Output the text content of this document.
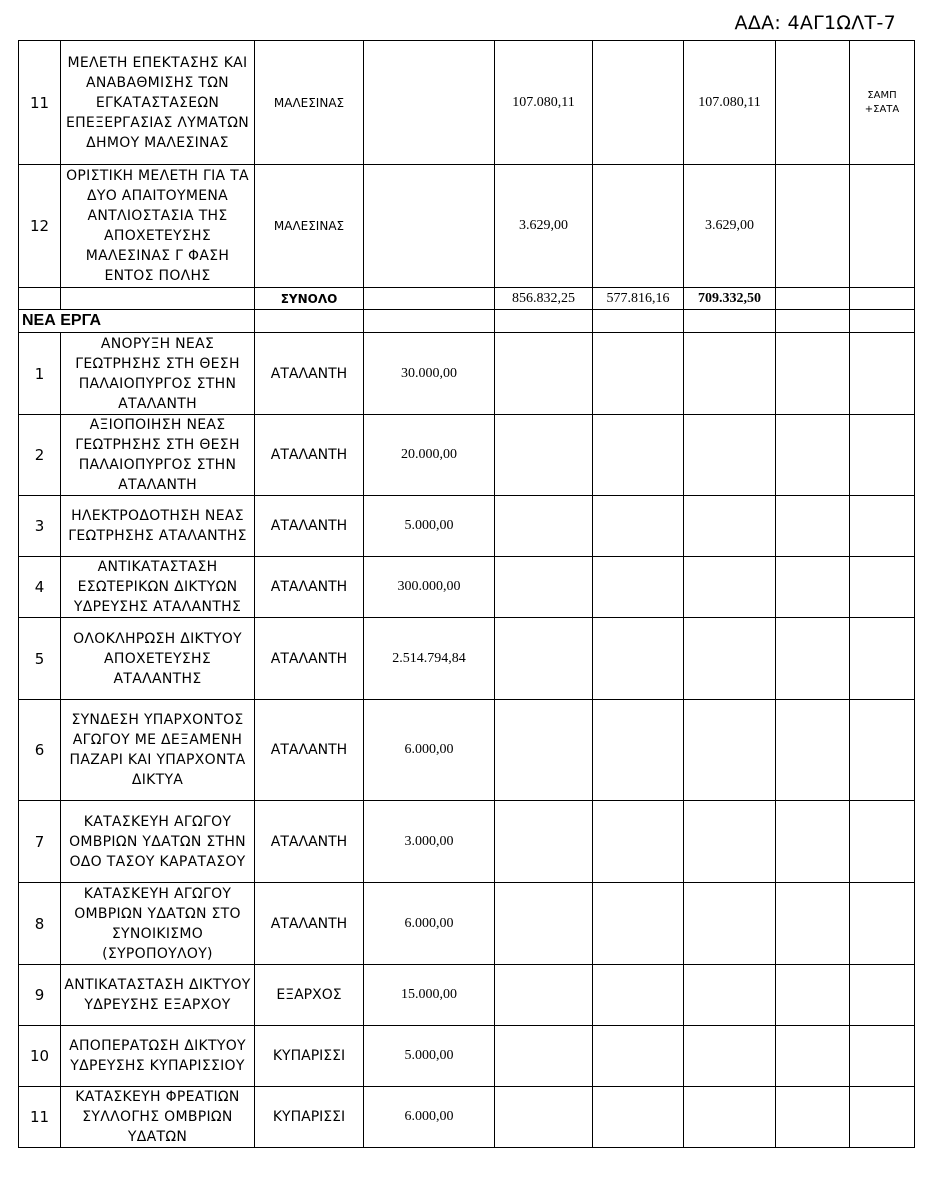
ΑΔΑ: 4ΑΓ1ΩΛΤ-7
11	ΜΕΛΕΤΗ ΕΠΕΚΤΑΣΗΣ ΚΑΙ ΑΝΑΒΑΘΜΙΣΗΣ ΤΩΝ ΕΓΚΑΤΑΣΤΑΣΕΩΝ ΕΠΕΞΕΡΓΑΣΙΑΣ ΛΥΜΑΤΩΝ ΔΗΜΟΥ ΜΑΛΕΣΙΝΑΣ	ΜΑΛΕΣΙΝΑΣ		107.080,11		107.080,11		ΣΑΜΠ +ΣΑΤΑ
12	ΟΡΙΣΤΙΚΗ ΜΕΛΕΤΗ ΓΙΑ ΤΑ ΔΥΟ ΑΠΑΙΤΟΥΜΕΝΑ ΑΝΤΛΙΟΣΤΑΣΙΑ ΤΗΣ ΑΠΟΧΕΤΕΥΣΗΣ ΜΑΛΕΣΙΝΑΣ Γ ΦΑΣΗ ΕΝΤΟΣ ΠΟΛΗΣ	ΜΑΛΕΣΙΝΑΣ		3.629,00		3.629,00		
		ΣΥΝΟΛΟ		856.832,25	577.816,16	709.332,50		
ΝΕΑ ΕΡΓΑ								
1	ΑΝΟΡΥΞΗ ΝΕΑΣ ΓΕΩΤΡΗΣΗΣ ΣΤΗ ΘΕΣΗ ΠΑΛΑΙΟΠΥΡΓΟΣ ΣΤΗΝ ΑΤΑΛΑΝΤΗ	ΑΤΑΛΑΝΤΗ	30.000,00					
2	ΑΞΙΟΠΟΙΗΣΗ ΝΕΑΣ ΓΕΩΤΡΗΣΗΣ ΣΤΗ ΘΕΣΗ ΠΑΛΑΙΟΠΥΡΓΟΣ ΣΤΗΝ ΑΤΑΛΑΝΤΗ	ΑΤΑΛΑΝΤΗ	20.000,00					
3	ΗΛΕΚΤΡΟΔΟΤΗΣΗ ΝΕΑΣ ΓΕΩΤΡΗΣΗΣ ΑΤΑΛΑΝΤΗΣ	ΑΤΑΛΑΝΤΗ	5.000,00					
4	ΑΝΤΙΚΑΤΑΣΤΑΣΗ ΕΣΩΤΕΡΙΚΩΝ ΔΙΚΤΥΩΝ ΥΔΡΕΥΣΗΣ ΑΤΑΛΑΝΤΗΣ	ΑΤΑΛΑΝΤΗ	300.000,00					
5	ΟΛΟΚΛΗΡΩΣΗ ΔΙΚΤΥΟΥ ΑΠΟΧΕΤΕΥΣΗΣ ΑΤΑΛΑΝΤΗΣ	ΑΤΑΛΑΝΤΗ	2.514.794,84					
6	ΣΥΝΔΕΣΗ ΥΠΑΡΧΟΝΤΟΣ ΑΓΩΓΟΥ ΜΕ ΔΕΞΑΜΕΝΗ ΠΑΖΑΡΙ ΚΑΙ ΥΠΑΡΧΟΝΤΑ ΔΙΚΤΥΑ	ΑΤΑΛΑΝΤΗ	6.000,00					
7	ΚΑΤΑΣΚΕΥΗ ΑΓΩΓΟΥ ΟΜΒΡΙΩΝ ΥΔΑΤΩΝ ΣΤΗΝ ΟΔΟ ΤΑΣΟΥ ΚΑΡΑΤΑΣΟΥ	ΑΤΑΛΑΝΤΗ	3.000,00					
8	ΚΑΤΑΣΚΕΥΗ ΑΓΩΓΟΥ ΟΜΒΡΙΩΝ ΥΔΑΤΩΝ ΣΤΟ ΣΥΝΟΙΚΙΣΜΟ (ΣΥΡΟΠΟΥΛΟΥ)	ΑΤΑΛΑΝΤΗ	6.000,00					
9	ΑΝΤΙΚΑΤΑΣΤΑΣΗ ΔΙΚΤΥΟΥ ΥΔΡΕΥΣΗΣ ΕΞΑΡΧΟΥ	ΕΞΑΡΧΟΣ	15.000,00					
10	ΑΠΟΠΕΡΑΤΩΣΗ ΔΙΚΤΥΟΥ ΥΔΡΕΥΣΗΣ ΚΥΠΑΡΙΣΣΙΟΥ	ΚΥΠΑΡΙΣΣΙ	5.000,00					
11	ΚΑΤΑΣΚΕΥΗ ΦΡΕΑΤΙΩΝ ΣΥΛΛΟΓΗΣ ΟΜΒΡΙΩΝ ΥΔΑΤΩΝ	ΚΥΠΑΡΙΣΣΙ	6.000,00					
